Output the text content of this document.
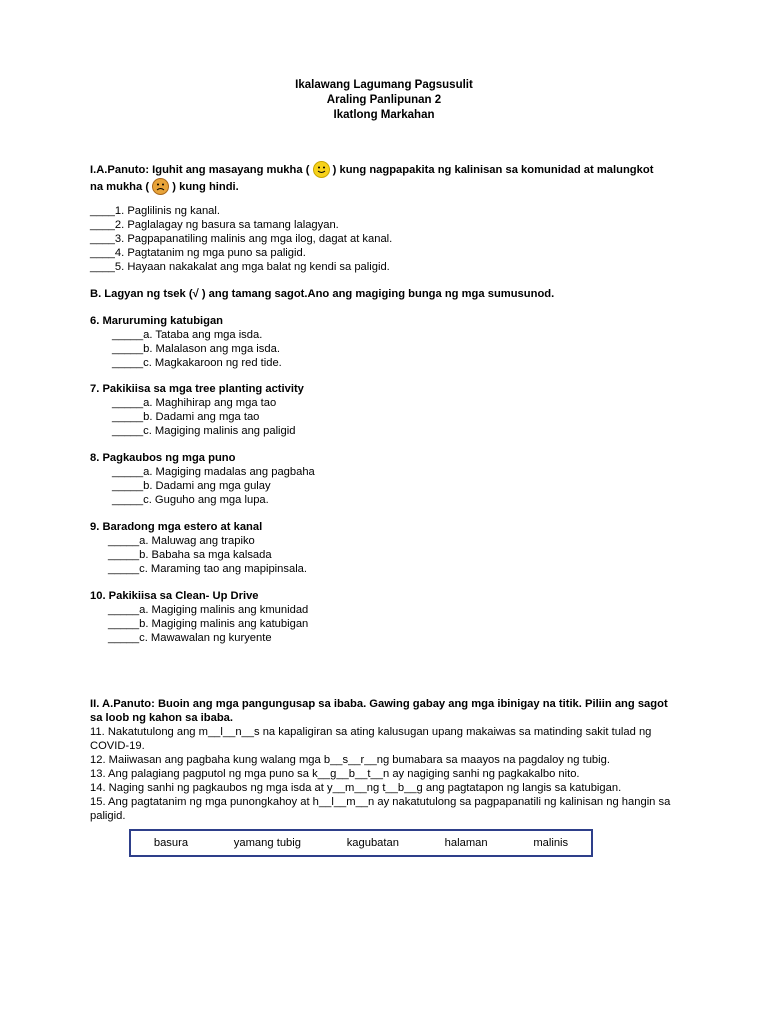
Ikalawang Lagumang Pagsusulit
Araling Panlipunan 2
Ikatlong Markahan
I.A.Panuto: Iguhit ang masayang mukha ( ) kung nagpapakita ng kalinisan sa komunidad at malungkot
na mukha ( ) kung hindi.
____1. Paglilinis ng kanal.
____2. Paglalagay ng basura sa tamang lalagyan.
____3. Pagpapanatiling malinis ang mga ilog, dagat at kanal.
____4. Pagtatanim ng mga puno sa paligid.
____5. Hayaan nakakalat ang mga balat ng kendi sa paligid.
B. Lagyan ng tsek (√ ) ang tamang sagot.Ano ang magiging bunga ng mga sumusunod.
6. Maruruming katubigan
_____a. Tataba ang mga isda.
_____b. Malalason ang mga isda.
_____c. Magkakaroon ng red tide.
7. Pakikiisa sa mga tree planting activity
_____a. Maghihirap ang mga tao
_____b. Dadami ang mga tao
_____c. Magiging malinis ang paligid
8. Pagkaubos ng mga puno
_____a. Magiging madalas ang pagbaha
_____b. Dadami ang mga gulay
_____c. Guguho ang mga lupa.
9. Baradong mga estero at kanal
_____a. Maluwag ang trapiko
_____b. Babaha sa mga kalsada
_____c. Maraming tao ang mapipinsala.
10. Pakikiisa sa Clean- Up Drive
_____a. Magiging malinis ang kmunidad
_____b. Magiging malinis ang katubigan
_____c. Mawawalan ng kuryente
II. A.Panuto: Buoin ang mga pangungusap sa ibaba. Gawing gabay ang mga ibinigay na titik. Piliin ang sagot sa loob ng kahon sa ibaba.
11. Nakatutulong ang m__l__n__s na kapaligiran sa ating kalusugan upang makaiwas sa matinding sakit tulad ng COVID-19.
12. Maiiwasan ang pagbaha kung walang mga b__s__r__ng bumabara sa maayos na pagdaloy ng tubig.
13. Ang palagiang pagputol ng mga puno sa k__g__b__t__n ay nagiging sanhi ng pagkakalbo nito.
14. Naging sanhi ng pagkaubos ng mga isda at y__m__ng t__b__g ang pagtatapon ng langis sa katubigan.
15. Ang pagtatanim ng mga punongkahoy at h__l__m__n ay nakatutulong sa pagpapanatili ng kalinisan ng hangin sa paligid.
basura	yamang tubig	kagubatan	halaman	malinis
